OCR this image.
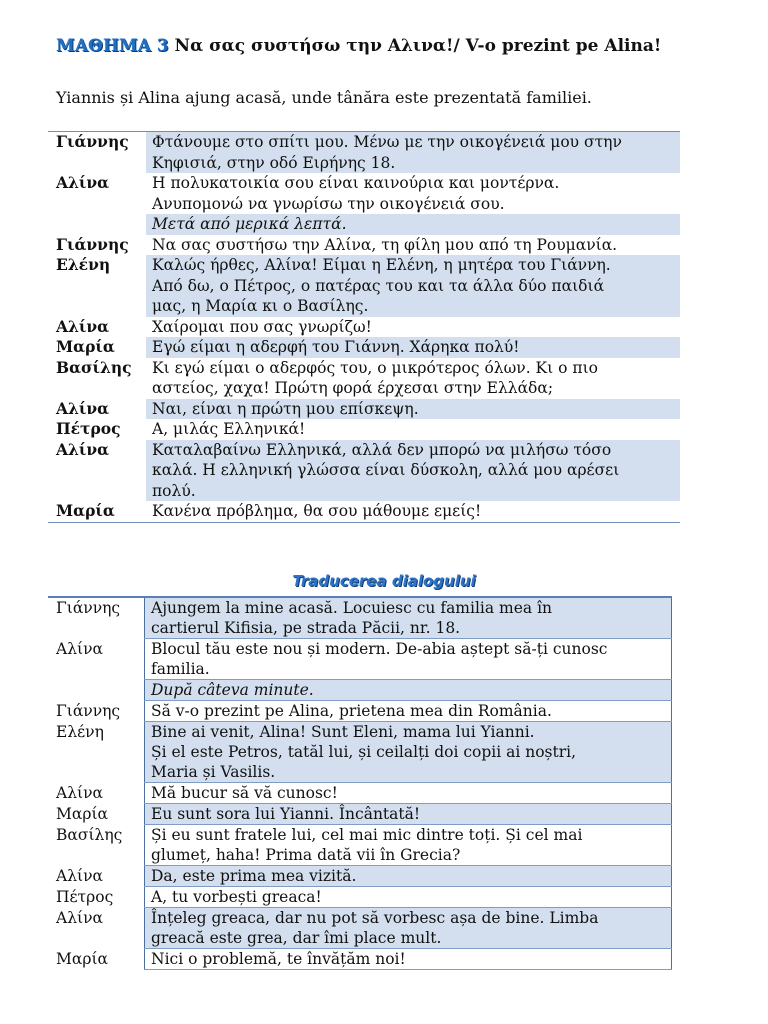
ΜΑΘΗΜΑ 3 Να σας συστήσω την Αλινα!/ V-o prezint pe Alina!
Yiannis și Alina ajung acasă, unde tânăra este prezentată familiei.
Γιάννης	Φτάνουμε στο σπίτι μου. Μένω με την οικογένειά μου στην
Κηφισιά, στην οδό Ειρήνης 18.

Αλίνα	Η πολυκατοικία σου είναι καινούρια και μοντέρνα.
Ανυπομονώ να γνωρίσω την οικογένειά σου.

	Μετά από μερικά λεπτά.

Γιάννης	Να σας συστήσω την Αλίνα, τη φίλη μου από τη Ρουμανία.

Ελένη	Καλώς ήρθες, Αλίνα! Είμαι η Ελένη, η μητέρα του Γιάννη.
Από δω, ο Πέτρος, ο πατέρας του και τα άλλα δύο παιδιά
μας, η Μαρία κι ο Βασίλης.

Αλίνα	Χαίρομαι που σας γνωρίζω!

Μαρία	Εγώ είμαι η αδερφή του Γιάννη. Χάρηκα πολύ!

Βασίλης	Κι εγώ είμαι ο αδερφός του, ο μικρότερος όλων. Κι ο πιο
αστείος, χαχα! Πρώτη φορά έρχεσαι στην Ελλάδα;

Αλίνα	Ναι, είναι η πρώτη μου επίσκεψη.

Πέτρος	Α, μιλάς Ελληνικά!

Αλίνα	Καταλαβαίνω Ελληνικά, αλλά δεν μπορώ να μιλήσω τόσο
καλά. Η ελληνική γλώσσα είναι δύσκολη, αλλά μου αρέσει
πολύ.

Μαρία	Κανένα πρόβλημα, θα σου μάθουμε εμείς!
Traducerea dialogului
Γιάννης	Ajungem la mine acasă. Locuiesc cu familia mea în
cartierul Kifisia, pe strada Păcii, nr. 18.

Αλίνα	Blocul tău este nou și modern. De-abia aștept să-ți cunosc
familia.

	După câteva minute.

Γιάννης	Să v-o prezint pe Alina, prietena mea din România.

Ελένη	Bine ai venit, Alina! Sunt Eleni, mama lui Yianni.
Și el este Petros, tatăl lui, și ceilalți doi copii ai noștri,
Maria și Vasilis.

Αλίνα	Mă bucur să vă cunosc!

Μαρία	Eu sunt sora lui Yianni. Încântată!

Βασίλης	Și eu sunt fratele lui, cel mai mic dintre toți. Și cel mai
glumeț, haha! Prima dată vii în Grecia?

Αλίνα	Da, este prima mea vizită.

Πέτρος	A, tu vorbești greaca!

Αλίνα	Înțeleg greaca, dar nu pot să vorbesc așa de bine. Limba
greacă este grea, dar îmi place mult.

Μαρία	Nici o problemă, te învățăm noi!
